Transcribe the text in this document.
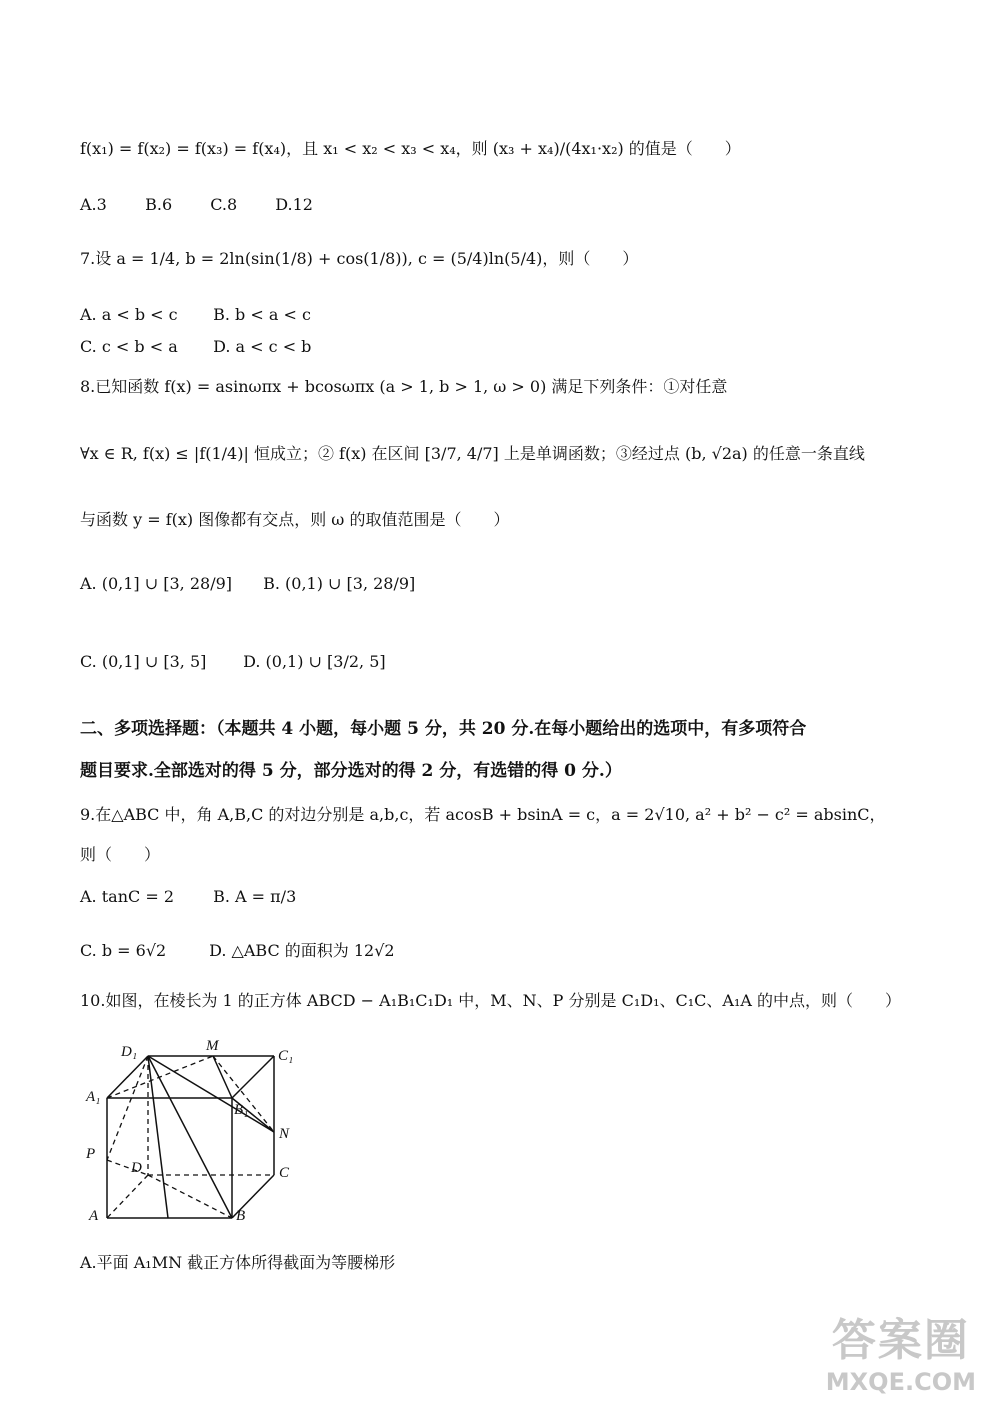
f(x₁) = f(x₂) = f(x₃) = f(x₄)，且 x₁ < x₂ < x₃ < x₄，则 (x₃ + x₄)/(4x₁·x₂) 的值是（　　）
A.3 B.6 C.8 D.12
7.设 a = 1/4, b = 2ln(sin(1/8) + cos(1/8)), c = (5/4)ln(5/4)，则（　　）
A. a < b < c B. b < a < c
C. c < b < a D. a < c < b
8.已知函数 f(x) = asinωπx + bcosωπx (a > 1, b > 1, ω > 0) 满足下列条件：①对任意
∀x ∈ R, f(x) ≤ |f(1/4)| 恒成立；② f(x) 在区间 [3/7, 4/7] 上是单调函数；③经过点 (b, √2a) 的任意一条直线
与函数 y = f(x) 图像都有交点，则 ω 的取值范围是（　　）
A. (0,1] ∪ [3, 28/9] B. (0,1) ∪ [3, 28/9]
C. (0,1] ∪ [3, 5] D. (0,1) ∪ [3/2, 5]
二、多项选择题：（本题共 4 小题，每小题 5 分，共 20 分.在每小题给出的选项中，有多项符合
题目要求.全部选对的得 5 分，部分选对的得 2 分，有选错的得 0 分.）
9.在△ABC 中，角 A,B,C 的对边分别是 a,b,c，若 acosB + bsinA = c，a = 2√10, a² + b² − c² = absinC，
则（　　）
A. tanC = 2 B. A = π/3
C. b = 6√2	D. △ABC 的面积为 12√2
10.如图，在棱长为 1 的正方体 ABCD − A₁B₁C₁D₁ 中，M、N、P 分别是 C₁D₁、C₁C、A₁A 的中点，则（　　）
D₁	M
C₁
A₁
B₁
N
P
D	C
A	B
A.平面 A₁MN 截正方体所得截面为等腰梯形
答案圈
MXQE.COM
